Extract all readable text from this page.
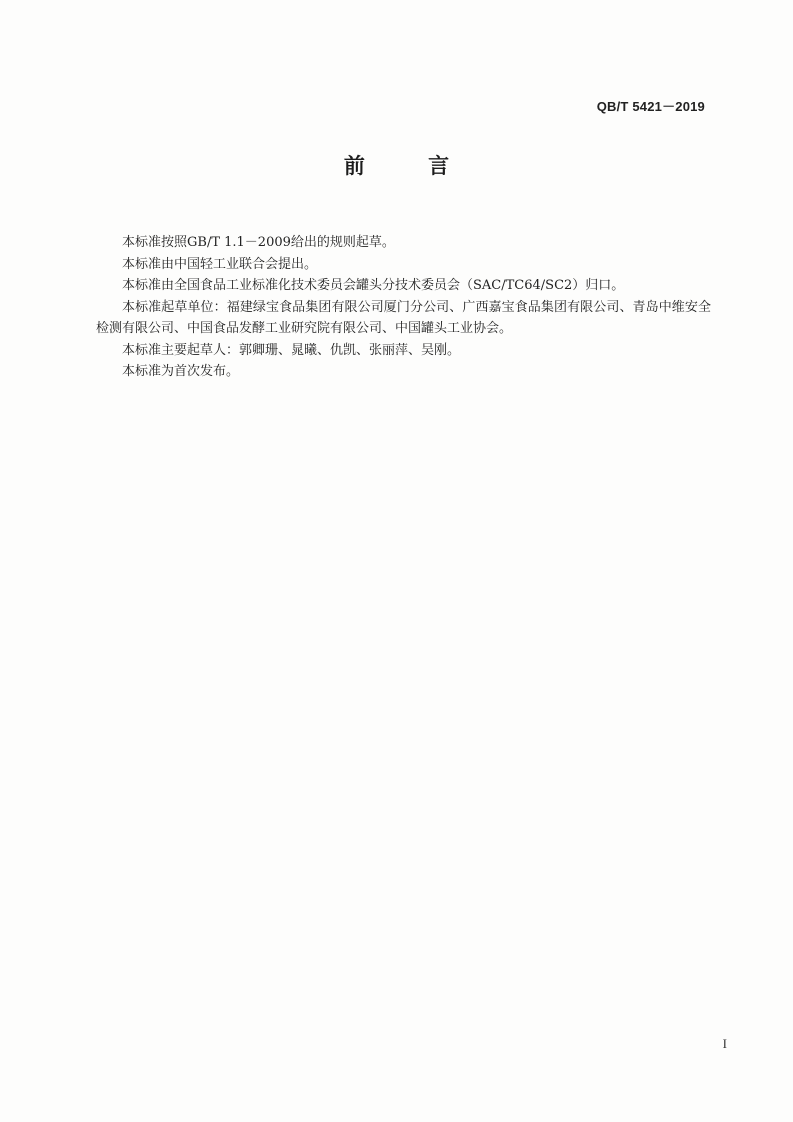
QB/T 5421－2019
前 言

本标准按照GB/T 1.1－2009给出的规则起草。

本标准由中国轻工业联合会提出。

本标准由全国食品工业标准化技术委员会罐头分技术委员会（SAC/TC64/SC2）归口。

本标准起草单位：福建绿宝食品集团有限公司厦门分公司、广西嘉宝食品集团有限公司、青岛中维安全检测有限公司、中国食品发酵工业研究院有限公司、中国罐头工业协会。

本标准主要起草人：郭卿珊、晁曦、仇凯、张丽萍、吴刚。

本标准为首次发布。

I
